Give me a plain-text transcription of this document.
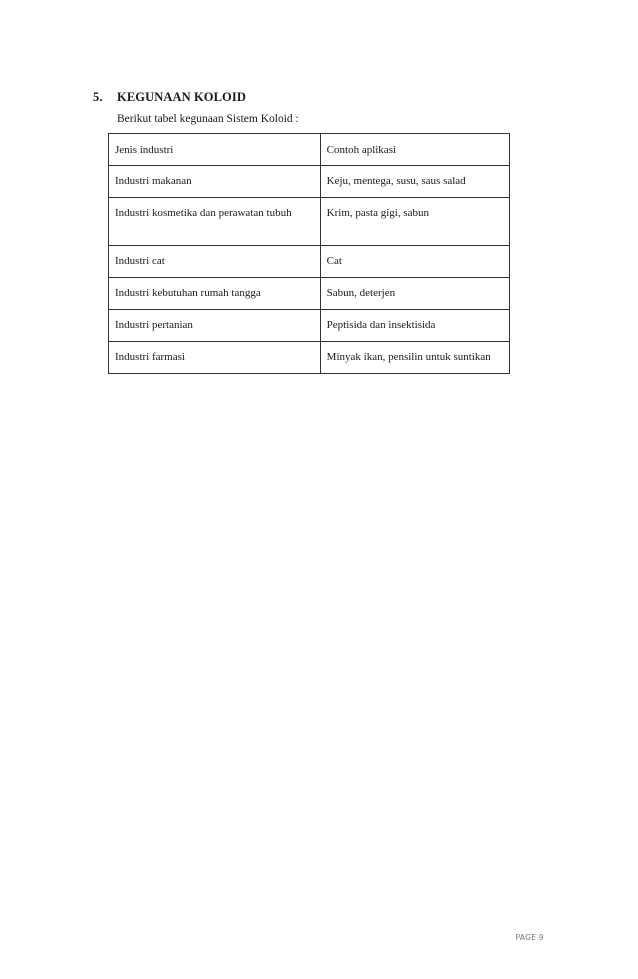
5. KEGUNAAN KOLOID
Berikut tabel kegunaan Sistem Koloid :
Jenis industri	Contoh aplikasi
Industri makanan	Keju, mentega, susu, saus salad
Industri kosmetika dan perawatan tubuh	Krim, pasta gigi, sabun
Industri cat	Cat
Industri kebutuhan rumah tangga	Sabun, deterjen
Industri pertanian	Peptisida dan insektisida
Industri farmasi	Minyak ikan, pensilin untuk suntikan
PAGE 9
